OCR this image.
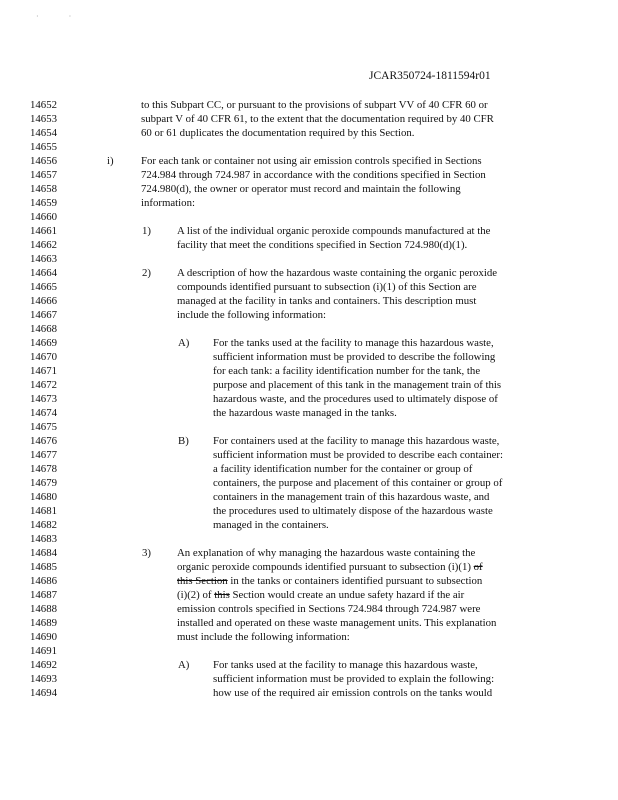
· ·
JCAR350724-1811594r01
14652
14653
14654
14655
14656
14657
14658
14659
14660
14661
14662
14663
14664
14665
14666
14667
14668
14669
14670
14671
14672
14673
14674
14675
14676
14677
14678
14679
14680
14681
14682
14683
14684
14685
14686
14687
14688
14689
14690
14691
14692
14693
14694
i)
1)
2)
A)
B)
3)
A)
to this Subpart CC, or pursuant to the provisions of subpart VV of 40 CFR 60 or
subpart V of 40 CFR 61, to the extent that the documentation required by 40 CFR
60 or 61 duplicates the documentation required by this Section.
For each tank or container not using air emission controls specified in Sections
724.984 through 724.987 in accordance with the conditions specified in Section
724.980(d), the owner or operator must record and maintain the following
information:
A list of the individual organic peroxide compounds manufactured at the
facility that meet the conditions specified in Section 724.980(d)(1).
A description of how the hazardous waste containing the organic peroxide
compounds identified pursuant to subsection (i)(1) of this Section are
managed at the facility in tanks and containers. This description must
include the following information:
For the tanks used at the facility to manage this hazardous waste,
sufficient information must be provided to describe the following
for each tank: a facility identification number for the tank, the
purpose and placement of this tank in the management train of this
hazardous waste, and the procedures used to ultimately dispose of
the hazardous waste managed in the tanks.
For containers used at the facility to manage this hazardous waste,
sufficient information must be provided to describe each container:
a facility identification number for the container or group of
containers, the purpose and placement of this container or group of
containers in the management train of this hazardous waste, and
the procedures used to ultimately dispose of the hazardous waste
managed in the containers.
An explanation of why managing the hazardous waste containing the
organic peroxide compounds identified pursuant to subsection (i)(1) of
this Section in the tanks or containers identified pursuant to subsection
(i)(2) of this Section would create an undue safety hazard if the air
emission controls specified in Sections 724.984 through 724.987 were
installed and operated on these waste management units. This explanation
must include the following information:
For tanks used at the facility to manage this hazardous waste,
sufficient information must be provided to explain the following:
how use of the required air emission controls on the tanks would
